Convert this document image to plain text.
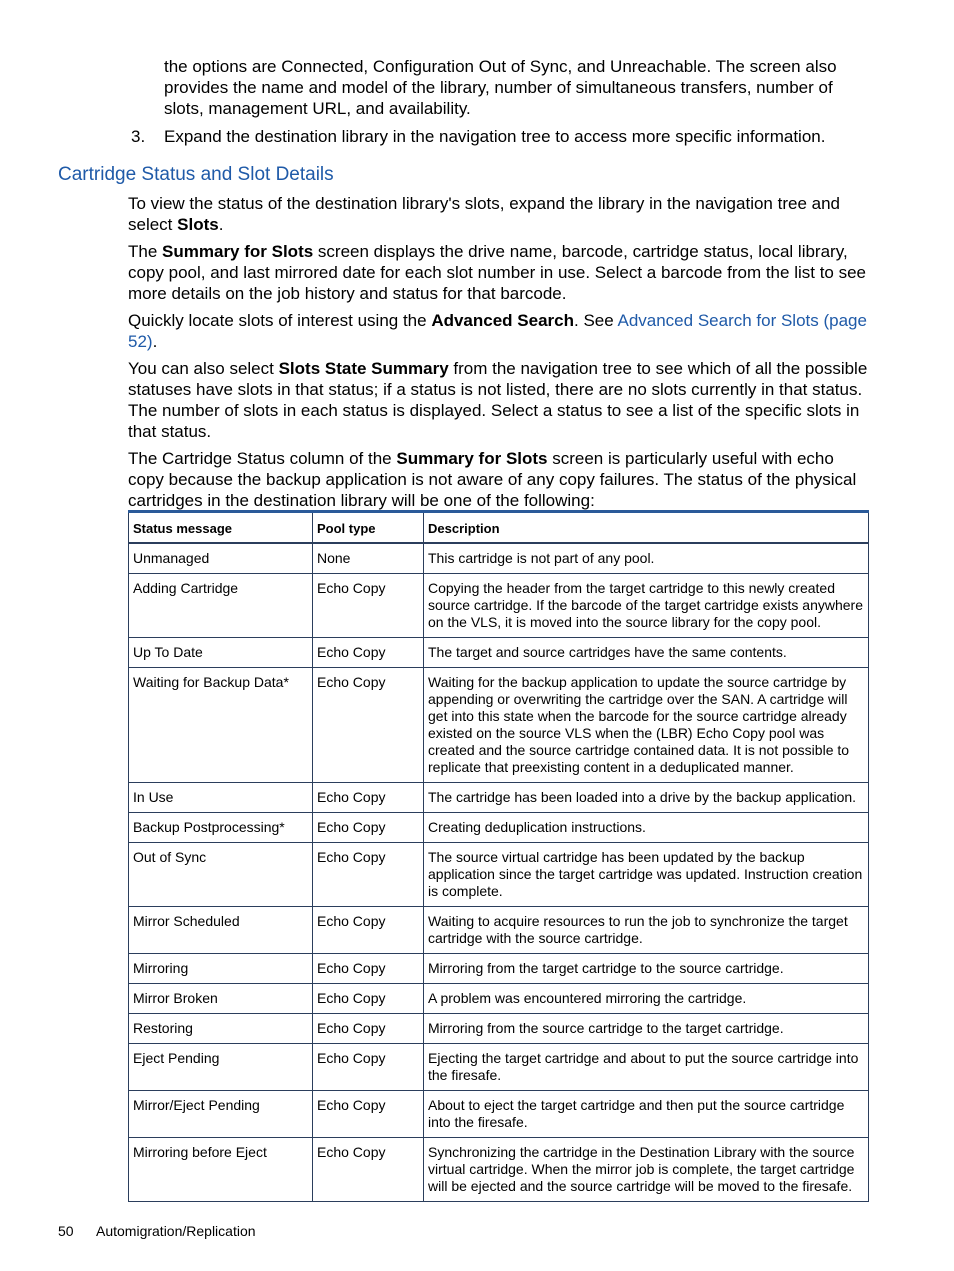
the options are Connected, Configuration Out of Sync, and Unreachable. The screen also provides the name and model of the library, number of simultaneous transfers, number of slots, management URL, and availability.

3.	Expand the destination library in the navigation tree to access more specific information.
Cartridge Status and Slot Details

To view the status of the destination library's slots, expand the library in the navigation tree and select Slots.

The Summary for Slots screen displays the drive name, barcode, cartridge status, local library, copy pool, and last mirrored date for each slot number in use. Select a barcode from the list to see more details on the job history and status for that barcode.

Quickly locate slots of interest using the Advanced Search. See Advanced Search for Slots (page 52).

You can also select Slots State Summary from the navigation tree to see which of all the possible statuses have slots in that status; if a status is not listed, there are no slots currently in that status. The number of slots in each status is displayed. Select a status to see a list of the specific slots in that status.

The Cartridge Status column of the Summary for Slots screen is particularly useful with echo copy because the backup application is not aware of any copy failures. The status of the physical cartridges in the destination library will be one of the following:

Status message	Pool type	Description
Unmanaged	None	This cartridge is not part of any pool.
Adding Cartridge	Echo Copy	Copying the header from the target cartridge to this newly created source cartridge. If the barcode of the target cartridge exists anywhere on the VLS, it is moved into the source library for the copy pool.
Up To Date	Echo Copy	The target and source cartridges have the same contents.
Waiting for Backup Data*	Echo Copy	Waiting for the backup application to update the source cartridge by appending or overwriting the cartridge over the SAN. A cartridge will get into this state when the barcode for the source cartridge already existed on the source VLS when the (LBR) Echo Copy pool was created and the source cartridge contained data. It is not possible to replicate that preexisting content in a deduplicated manner.
In Use	Echo Copy	The cartridge has been loaded into a drive by the backup application.
Backup Postprocessing*	Echo Copy	Creating deduplication instructions.
Out of Sync	Echo Copy	The source virtual cartridge has been updated by the backup application since the target cartridge was updated. Instruction creation is complete.
Mirror Scheduled	Echo Copy	Waiting to acquire resources to run the job to synchronize the target cartridge with the source cartridge.
Mirroring	Echo Copy	Mirroring from the target cartridge to the source cartridge.
Mirror Broken	Echo Copy	A problem was encountered mirroring the cartridge.
Restoring	Echo Copy	Mirroring from the source cartridge to the target cartridge.
Eject Pending	Echo Copy	Ejecting the target cartridge and about to put the source cartridge into the firesafe.
Mirror/Eject Pending	Echo Copy	About to eject the target cartridge and then put the source cartridge into the firesafe.
Mirroring before Eject	Echo Copy	Synchronizing the cartridge in the Destination Library with the source virtual cartridge. When the mirror job is complete, the target cartridge will be ejected and the source cartridge will be moved to the firesafe.
50 Automigration/Replication
